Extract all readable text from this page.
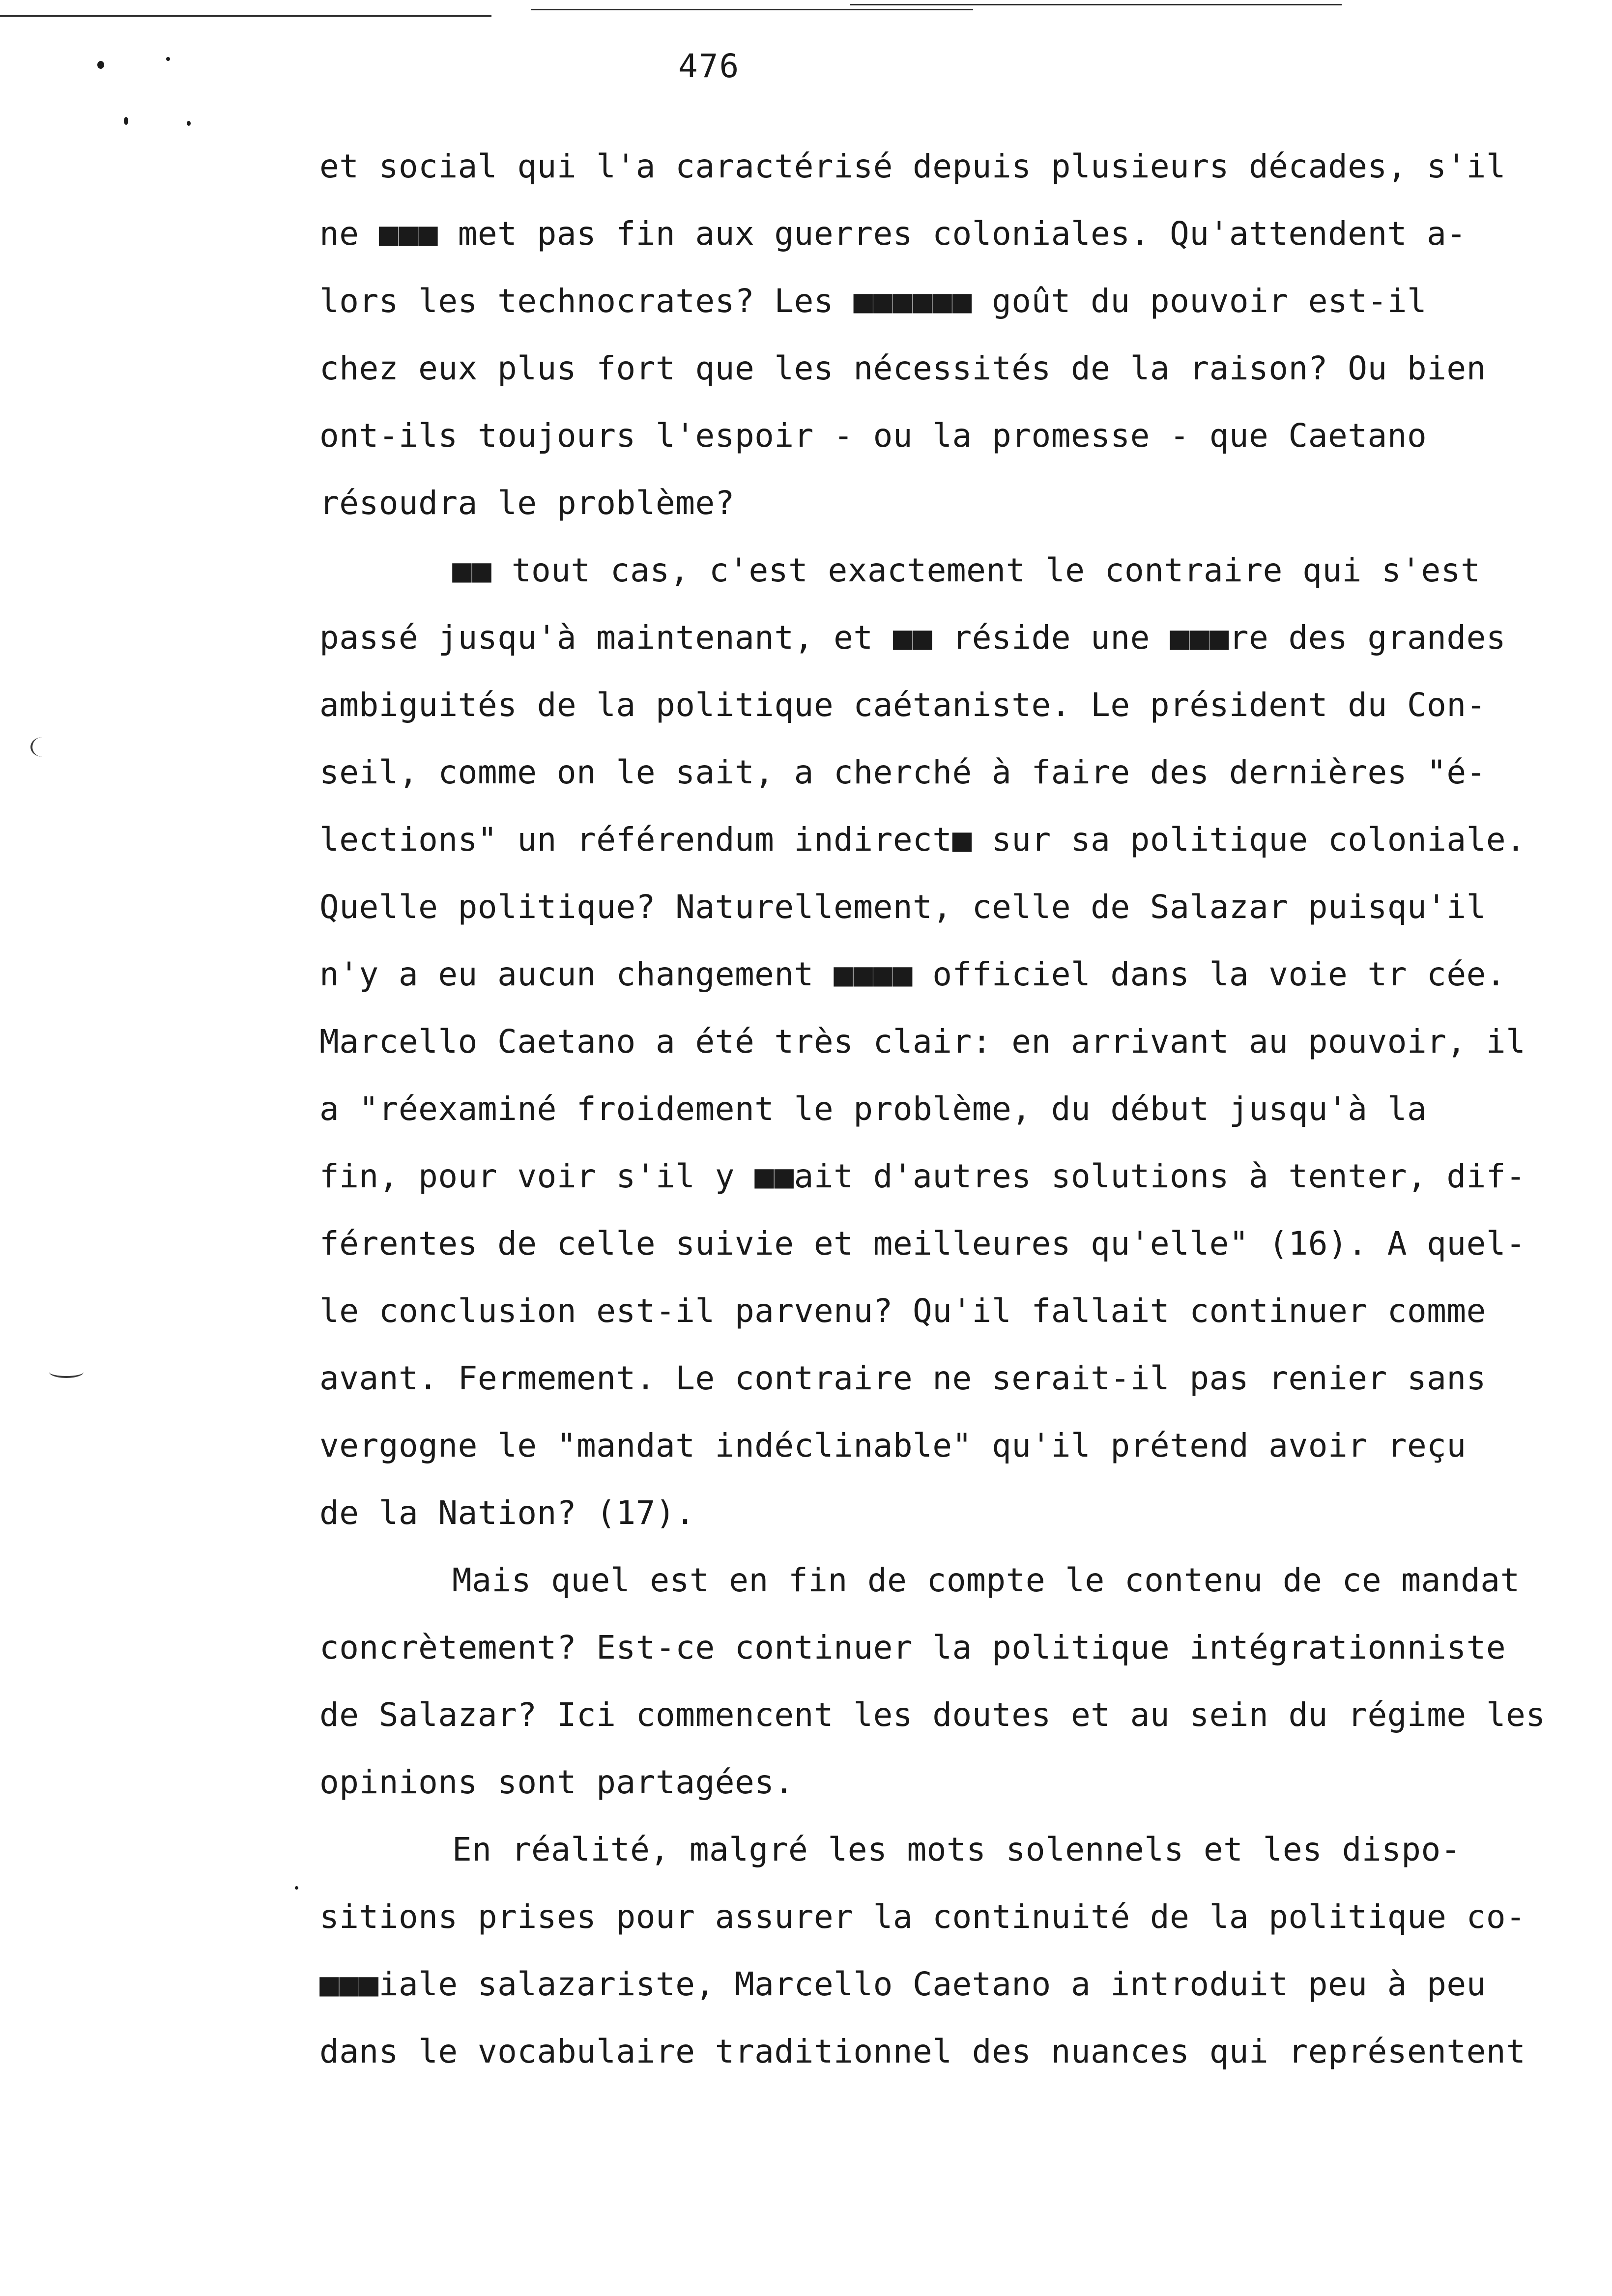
476
et social qui l'a caractérisé depuis plusieurs décades, s'il
ne ■■■ met pas fin aux guerres coloniales. Qu'attendent a-
lors les technocrates? Les ■■■■■■ goût du pouvoir est-il
chez eux plus fort que les nécessités de la raison? Ou bien
ont-ils toujours l'espoir - ou la promesse - que Caetano
résoudra le problème?
■■ tout cas, c'est exactement le contraire qui s'est
passé jusqu'à maintenant, et ■■ réside une ■■■re des grandes
ambiguités de la politique caétaniste. Le président du Con-
seil, comme on le sait, a cherché à faire des dernières "é-
lections" un référendum indirect■ sur sa politique coloniale.
Quelle politique? Naturellement, celle de Salazar puisqu'il
n'y a eu aucun changement ■■■■ officiel dans la voie tr cée.
Marcello Caetano a été très clair: en arrivant au pouvoir, il
a "réexaminé froidement le problème, du début jusqu'à la
fin, pour voir s'il y ■■ait d'autres solutions à tenter, dif-
férentes de celle suivie et meilleures qu'elle" (16). A quel-
le conclusion est-il parvenu? Qu'il fallait continuer comme
avant. Fermement. Le contraire ne serait-il pas renier sans
vergogne le "mandat indéclinable" qu'il prétend avoir reçu
de la Nation? (17).
Mais quel est en fin de compte le contenu de ce mandat
concrètement? Est-ce continuer la politique intégrationniste
de Salazar? Ici commencent les doutes et au sein du régime les
opinions sont partagées.
En réalité, malgré les mots solennels et les dispo-
sitions prises pour assurer la continuité de la politique co-
■■■iale salazariste, Marcello Caetano a introduit peu à peu
dans le vocabulaire traditionnel des nuances qui représentent
